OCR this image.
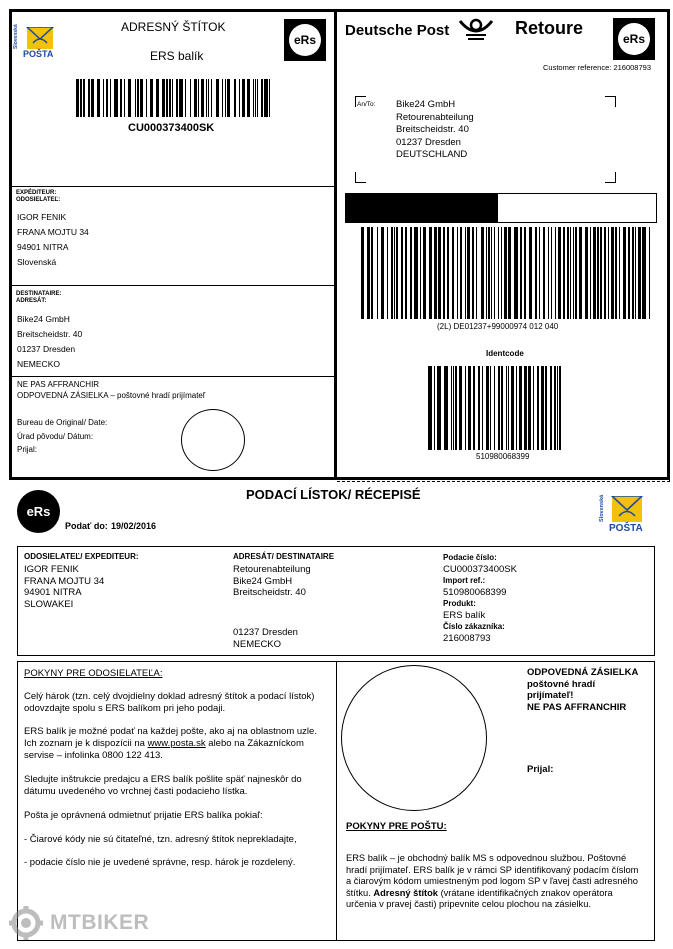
Slovenská
POŠTA
ADRESNÝ ŠTÍTOK
ERS balík
eRs
CU000373400SK
EXPÉDITEUR:
ODOSIELATEĽ:
IGOR FENIK
FRANA MOJTU 34
94901 NITRA
Slovenská
DESTINATAIRE:
ADRESÁT:
Bike24 GmbH
Breitscheidstr. 40
01237 Dresden
NEMECKO
NE PAS AFFRANCHIR
ODPOVEDNÁ ZÁSIELKA – poštovné hradí prijímateľ
Bureau de Original/ Date:
Úrad pôvodu/ Dátum:
Prijal:
Deutsche Post	Retoure
eRs
Customer reference: 216008793
An/To: Bike24 GmbH
Retourenabteilung
Breitscheidstr. 40
01237 Dresden
DEUTSCHLAND
(2L) DE01237+99000974 012 040
Identcode
510980068399
eRs
PODACÍ LÍSTOK/ RÉCEPISÉ
Podať do: 19/02/2016
Slovenská
POŠTA
ODOSIELATEĽ/ EXPEDITEUR:
IGOR FENIK
FRANA MOJTU 34
94901 NITRA
SLOWAKEI
ADRESÁT/ DESTINATAIRE
Retourenabteilung
Bike24 GmbH
Breitscheidstr. 40
01237 Dresden
NEMECKO
Podacie číslo:
CU000373400SK
Import ref.:
510980068399
Produkt:
ERS balík
Číslo zákazníka:
216008793
POKYNY PRE ODOSIELATEĽA:
Celý hárok (tzn. celý dvojdielny doklad adresný štítok a podací lístok) odovzdajte spolu s ERS balíkom pri jeho podaji.
ERS balík je možné podať na každej pošte, ako aj na oblastnom uzle. Ich zoznam je k dispozícii na www.posta.sk alebo na Zákazníckom servise – infolinka 0800 122 413.
Sledujte inštrukcie predajcu a ERS balík pošlite späť najneskôr do dátumu uvedeného vo vrchnej časti podacieho lístka.
Pošta je oprávnená odmietnuť prijatie ERS balíka pokiaľ:
- Čiarové kódy nie sú čitateľné, tzn. adresný štítok neprekladajte,
- podacie číslo nie je uvedené správne, resp. hárok je rozdelený.
ODPOVEDNÁ ZÁSIELKA
poštovné hradí
prijímateľ!
NE PAS AFFRANCHIR
Prijal:
POKYNY PRE POŠTU:
ERS balík – je obchodný balík MS s odpovednou službou. Poštovné hradí prijímateľ. ERS balík je v rámci SP identifikovaný podacím číslom a čiarovým kódom umiestneným pod logom SP v ľavej časti adresného štítku. Adresný štítok (vrátane identifikačných znakov operátora určenia v pravej časti) pripevnite celou plochou na zásielku.
MTBIKER
